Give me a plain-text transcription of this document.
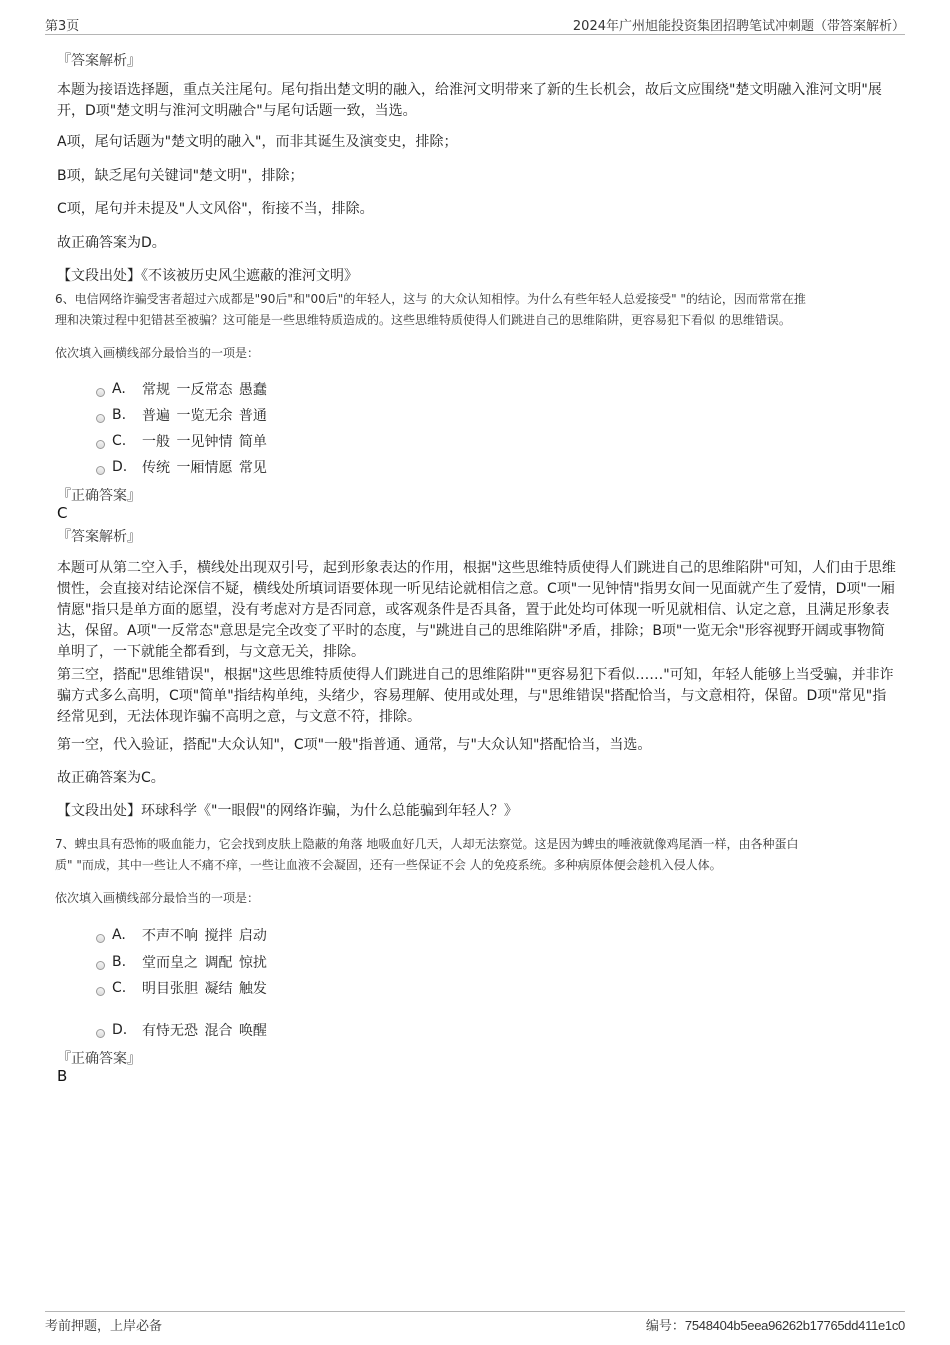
第3页	2024年广州旭能投资集团招聘笔试冲刺题（带答案解析）
『答案解析』
本题为接语选择题，重点关注尾句。尾句指出楚文明的融入，给淮河文明带来了新的生长机会，故后文应围绕"楚文明融入淮河文明"展开，D项"楚文明与淮河文明融合"与尾句话题一致，当选。
A项，尾句话题为"楚文明的融入"，而非其诞生及演变史，排除；
B项，缺乏尾句关键词"楚文明"，排除；
C项，尾句并未提及"人文风俗"，衔接不当，排除。
故正确答案为D。
【文段出处】《不该被历史风尘遮蔽的淮河文明》
6、电信网络诈骗受害者超过六成都是"90后"和"00后"的年轻人，这与 的大众认知相悖。为什么有些年轻人总爱接受" "的结论，因而常常在推
理和决策过程中犯错甚至被骗？这可能是一些思维特质造成的。这些思维特质使得人们跳进自己的思维陷阱，更容易犯下看似 的思维错误。
依次填入画横线部分最恰当的一项是：
A.	常规 一反常态 愚蠢
B.	普遍 一览无余 普通
C.	一般 一见钟情 简单
D.	传统 一厢情愿 常见
『正确答案』
C
『答案解析』
本题可从第二空入手，横线处出现双引号，起到形象表达的作用，根据"这些思维特质使得人们跳进自己的思维陷阱"可知，人们由于思维惯性，会直接对结论深信不疑，横线处所填词语要体现一听见结论就相信之意。C项"一见钟情"指男女间一见面就产生了爱情，D项"一厢情愿"指只是单方面的愿望，没有考虑对方是否同意，或客观条件是否具备，置于此处均可体现一听见就相信、认定之意，且满足形象表达，保留。A项"一反常态"意思是完全改变了平时的态度，与"跳进自己的思维陷阱"矛盾，排除；B项"一览无余"形容视野开阔或事物简单明了，一下就能全都看到，与文意无关，排除。
第三空，搭配"思维错误"，根据"这些思维特质使得人们跳进自己的思维陷阱""更容易犯下看似……"可知，年轻人能够上当受骗，并非诈骗方式多么高明，C项"简单"指结构单纯，头绪少，容易理解、使用或处理，与"思维错误"搭配恰当，与文意相符，保留。D项"常见"指经常见到，无法体现诈骗不高明之意，与文意不符，排除。
第一空，代入验证，搭配"大众认知"，C项"一般"指普通、通常，与"大众认知"搭配恰当，当选。
故正确答案为C。
【文段出处】环球科学《"一眼假"的网络诈骗，为什么总能骗到年轻人？》
7、蜱虫具有恐怖的吸血能力，它会找到皮肤上隐蔽的角落 地吸血好几天，人却无法察觉。这是因为蜱虫的唾液就像鸡尾酒一样，由各种蛋白
质" "而成，其中一些让人不痛不痒，一些让血液不会凝固，还有一些保证不会 人的免疫系统。多种病原体便会趁机入侵人体。
依次填入画横线部分最恰当的一项是：
A.	不声不响 搅拌 启动
B.	堂而皇之 调配 惊扰
C.	明目张胆 凝结 触发
D.	有恃无恐 混合 唤醒
『正确答案』
B
考前押题，上岸必备	编号：7548404b5eea96262b17765dd411e1c0
